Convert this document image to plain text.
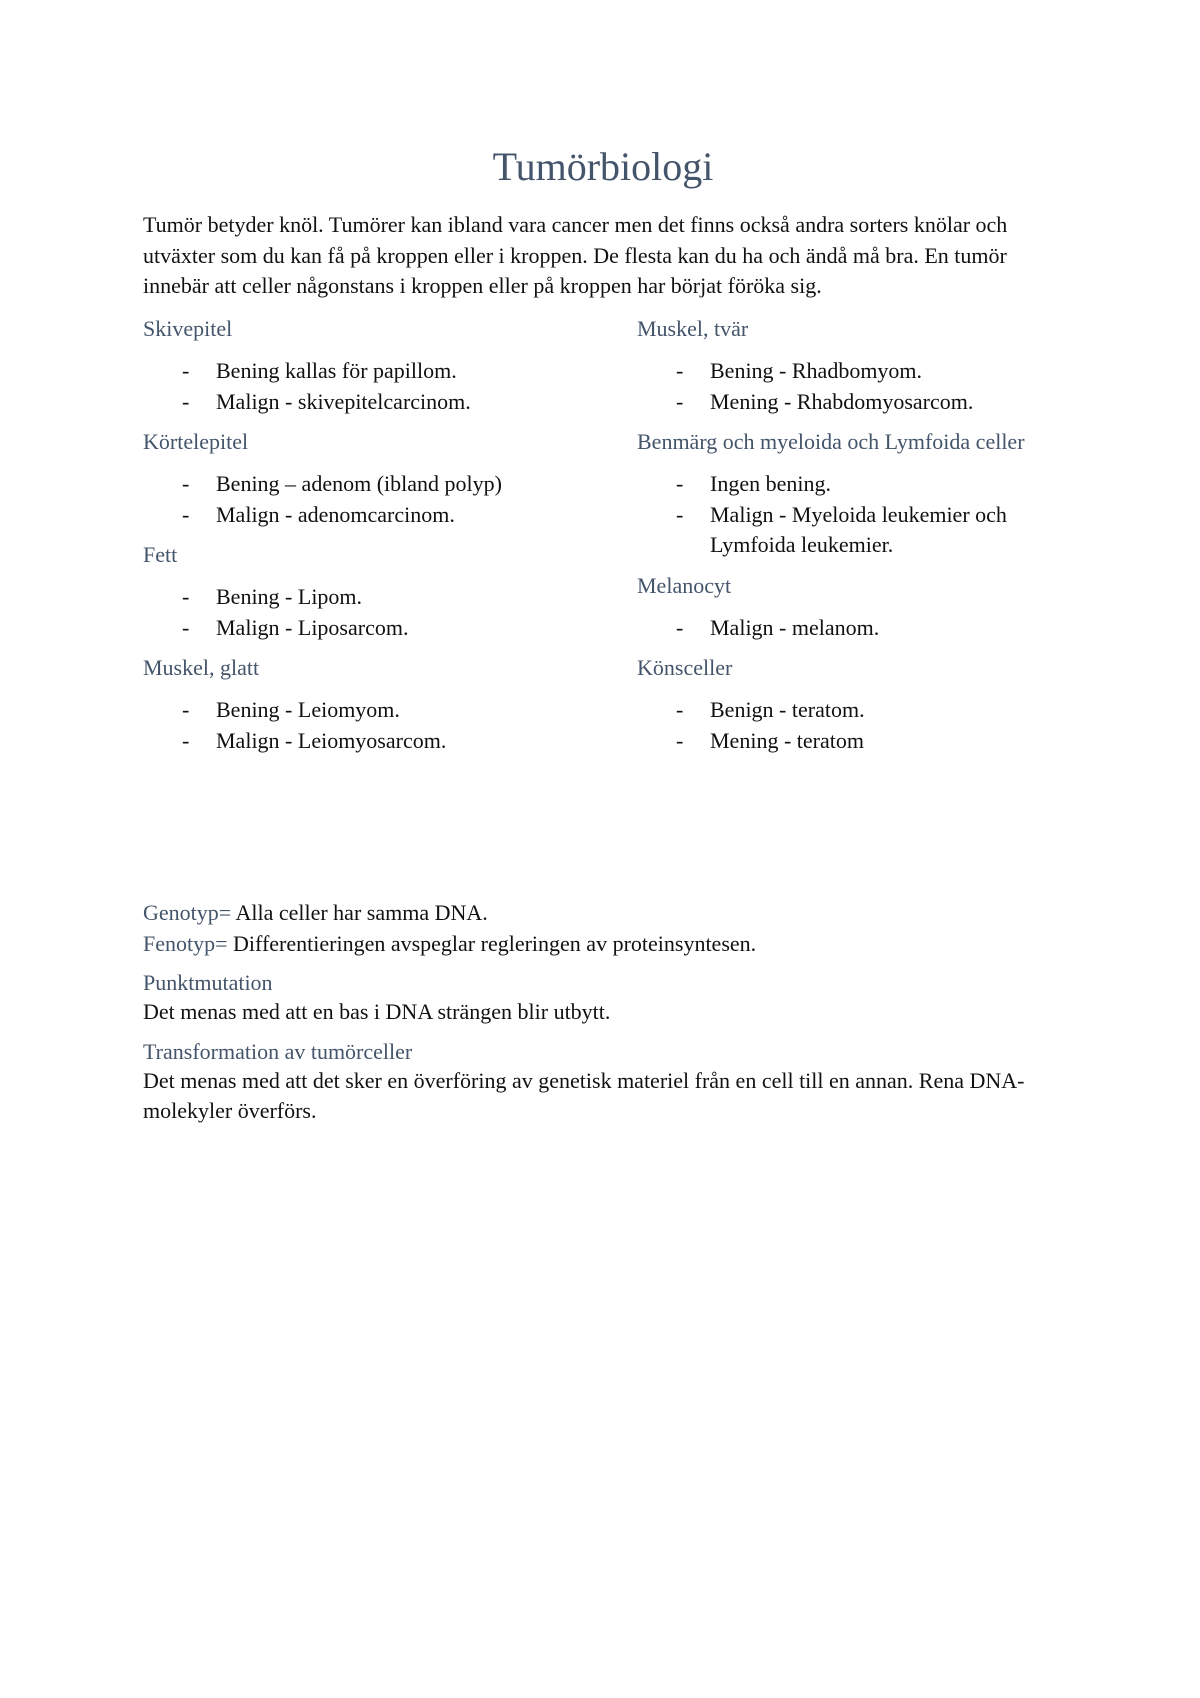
Tumörbiologi
Tumör betyder knöl. Tumörer kan ibland vara cancer men det finns också andra sorters knölar och utväxter som du kan få på kroppen eller i kroppen. De flesta kan du ha och ändå må bra. En tumör innebär att celler någonstans i kroppen eller på kroppen har börjat föröka sig.
Skivepitel
- Bening kallas för papillom.
- Malign - skivepitelcarcinom.
Körtelepitel
- Bening – adenom (ibland polyp)
- Malign - adenomcarcinom.
Fett
- Bening - Lipom.
- Malign - Liposarcom.
Muskel, glatt
- Bening - Leiomyom.
- Malign - Leiomyosarcom.
Muskel, tvär
- Bening - Rhadbomyom.
- Mening - Rhabdomyosarcom.
Benmärg och myeloida och Lymfoida celler
- Ingen bening.
- Malign - Myeloida leukemier och Lymfoida leukemier.
Melanocyt
- Malign - melanom.
Könsceller
- Benign - teratom.
- Mening - teratom
Genotyp= Alla celler har samma DNA.
Fenotyp= Differentieringen avspeglar regleringen av proteinsyntesen.
Punktmutation
Det menas med att en bas i DNA strängen blir utbytt.
Transformation av tumörceller
Det menas med att det sker en överföring av genetisk materiel från en cell till en annan. Rena DNA-molekyler överförs.
